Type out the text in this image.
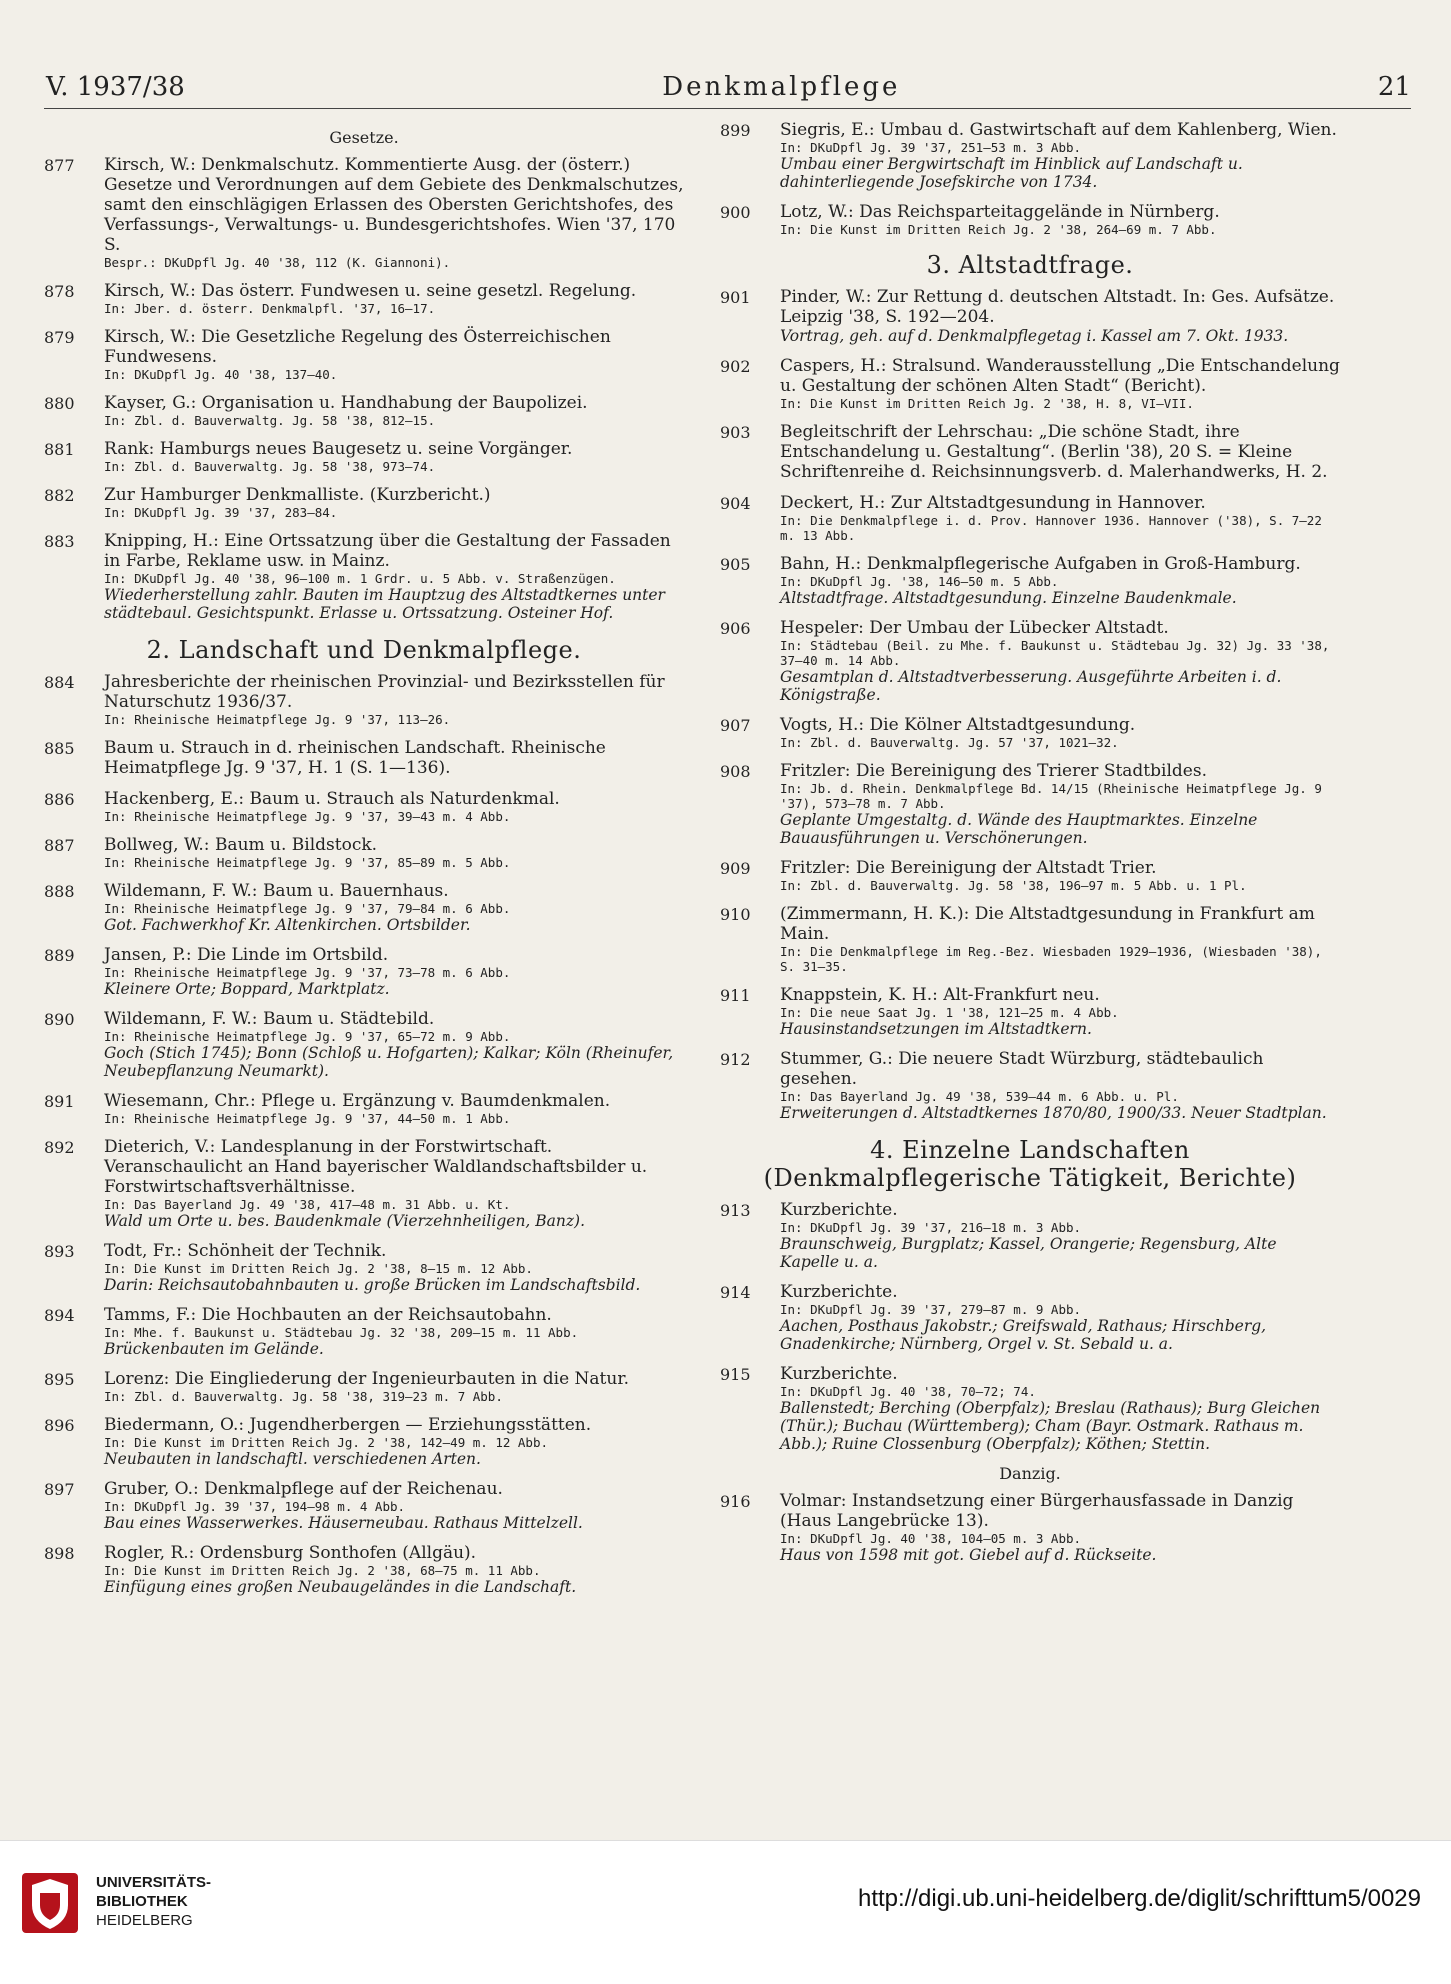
V. 1937/38	Denkmalpflege	21
Gesetze.
877	Kirsch, W.: Denkmalschutz. Kommentierte Ausg. der (österr.) Gesetze und Verordnungen auf dem Gebiete des Denkmalschutzes, samt den einschlägigen Erlassen des Obersten Gerichtshofes, des Verfassungs-, Verwaltungs- u. Bundesgerichtshofes. Wien '37, 170 S.
Bespr.: DKuDpfl Jg. 40 '38, 112 (K. Giannoni).
878	Kirsch, W.: Das österr. Fundwesen u. seine gesetzl. Regelung.
In: Jber. d. österr. Denkmalpfl. '37, 16—17.
879	Kirsch, W.: Die Gesetzliche Regelung des Österreichischen Fundwesens.
In: DKuDpfl Jg. 40 '38, 137—40.
880	Kayser, G.: Organisation u. Handhabung der Baupolizei.
In: Zbl. d. Bauverwaltg. Jg. 58 '38, 812—15.
881	Rank: Hamburgs neues Baugesetz u. seine Vorgänger.
In: Zbl. d. Bauverwaltg. Jg. 58 '38, 973—74.
882	Zur Hamburger Denkmalliste. (Kurzbericht.)
In: DKuDpfl Jg. 39 '37, 283—84.
883	Knipping, H.: Eine Ortssatzung über die Gestaltung der Fassaden in Farbe, Reklame usw. in Mainz.
In: DKuDpfl Jg. 40 '38, 96—100 m. 1 Grdr. u. 5 Abb. v. Straßenzügen.
Wiederherstellung zahlr. Bauten im Hauptzug des Altstadtkernes unter städtebaul. Gesichtspunkt. Erlasse u. Ortssatzung. Osteiner Hof.
2. Landschaft und Denkmalpflege.
884	Jahresberichte der rheinischen Provinzial- und Bezirksstellen für Naturschutz 1936/37.
In: Rheinische Heimatpflege Jg. 9 '37, 113—26.
885	Baum u. Strauch in d. rheinischen Landschaft. Rheinische Heimatpflege Jg. 9 '37, H. 1 (S. 1—136).
886	Hackenberg, E.: Baum u. Strauch als Naturdenkmal.
In: Rheinische Heimatpflege Jg. 9 '37, 39—43 m. 4 Abb.
887	Bollweg, W.: Baum u. Bildstock.
In: Rheinische Heimatpflege Jg. 9 '37, 85—89 m. 5 Abb.
888	Wildemann, F. W.: Baum u. Bauernhaus.
In: Rheinische Heimatpflege Jg. 9 '37, 79—84 m. 6 Abb.
Got. Fachwerkhof Kr. Altenkirchen. Ortsbilder.
889	Jansen, P.: Die Linde im Ortsbild.
In: Rheinische Heimatpflege Jg. 9 '37, 73—78 m. 6 Abb.
Kleinere Orte; Boppard, Marktplatz.
890	Wildemann, F. W.: Baum u. Städtebild.
In: Rheinische Heimatpflege Jg. 9 '37, 65—72 m. 9 Abb.
Goch (Stich 1745); Bonn (Schloß u. Hofgarten); Kalkar; Köln (Rheinufer, Neubepflanzung Neumarkt).
891	Wiesemann, Chr.: Pflege u. Ergänzung v. Baumdenkmalen.
In: Rheinische Heimatpflege Jg. 9 '37, 44—50 m. 1 Abb.
892	Dieterich, V.: Landesplanung in der Forstwirtschaft. Veranschaulicht an Hand bayerischer Waldlandschaftsbilder u. Forstwirtschaftsverhältnisse.
In: Das Bayerland Jg. 49 '38, 417—48 m. 31 Abb. u. Kt.
Wald um Orte u. bes. Baudenkmale (Vierzehnheiligen, Banz).
893	Todt, Fr.: Schönheit der Technik.
In: Die Kunst im Dritten Reich Jg. 2 '38, 8—15 m. 12 Abb.
Darin: Reichsautobahnbauten u. große Brücken im Landschaftsbild.
894	Tamms, F.: Die Hochbauten an der Reichsautobahn.
In: Mhe. f. Baukunst u. Städtebau Jg. 32 '38, 209—15 m. 11 Abb.
Brückenbauten im Gelände.
895	Lorenz: Die Eingliederung der Ingenieurbauten in die Natur.
In: Zbl. d. Bauverwaltg. Jg. 58 '38, 319—23 m. 7 Abb.
896	Biedermann, O.: Jugendherbergen — Erziehungsstätten.
In: Die Kunst im Dritten Reich Jg. 2 '38, 142—49 m. 12 Abb.
Neubauten in landschaftl. verschiedenen Arten.
897	Gruber, O.: Denkmalpflege auf der Reichenau.
In: DKuDpfl Jg. 39 '37, 194—98 m. 4 Abb.
Bau eines Wasserwerkes. Häuserneubau. Rathaus Mittelzell.
898	Rogler, R.: Ordensburg Sonthofen (Allgäu).
In: Die Kunst im Dritten Reich Jg. 2 '38, 68—75 m. 11 Abb.
Einfügung eines großen Neubaugeländes in die Landschaft.
899	Siegris, E.: Umbau d. Gastwirtschaft auf dem Kahlenberg, Wien.
In: DKuDpfl Jg. 39 '37, 251—53 m. 3 Abb.
Umbau einer Bergwirtschaft im Hinblick auf Landschaft u. dahinterliegende Josefskirche von 1734.
900	Lotz, W.: Das Reichsparteitaggelände in Nürnberg.
In: Die Kunst im Dritten Reich Jg. 2 '38, 264—69 m. 7 Abb.
3. Altstadtfrage.
901	Pinder, W.: Zur Rettung d. deutschen Altstadt. In: Ges. Aufsätze. Leipzig '38, S. 192—204.
Vortrag, geh. auf d. Denkmalpflegetag i. Kassel am 7. Okt. 1933.
902	Caspers, H.: Stralsund. Wanderausstellung „Die Entschandelung u. Gestaltung der schönen Alten Stadt“ (Bericht).
In: Die Kunst im Dritten Reich Jg. 2 '38, H. 8, VI—VII.
903	Begleitschrift der Lehrschau: „Die schöne Stadt, ihre Entschandelung u. Gestaltung“. (Berlin '38), 20 S. = Kleine Schriftenreihe d. Reichsinnungsverb. d. Malerhandwerks, H. 2.
904	Deckert, H.: Zur Altstadtgesundung in Hannover.
In: Die Denkmalpflege i. d. Prov. Hannover 1936. Hannover ('38), S. 7—22 m. 13 Abb.
905	Bahn, H.: Denkmalpflegerische Aufgaben in Groß-Hamburg.
In: DKuDpfl Jg. '38, 146—50 m. 5 Abb.
Altstadtfrage. Altstadtgesundung. Einzelne Baudenkmale.
906	Hespeler: Der Umbau der Lübecker Altstadt.
In: Städtebau (Beil. zu Mhe. f. Baukunst u. Städtebau Jg. 32) Jg. 33 '38, 37—40 m. 14 Abb.
Gesamtplan d. Altstadtverbesserung. Ausgeführte Arbeiten i. d. Königstraße.
907	Vogts, H.: Die Kölner Altstadtgesundung.
In: Zbl. d. Bauverwaltg. Jg. 57 '37, 1021—32.
908	Fritzler: Die Bereinigung des Trierer Stadtbildes.
In: Jb. d. Rhein. Denkmalpflege Bd. 14/15 (Rheinische Heimatpflege Jg. 9 '37), 573—78 m. 7 Abb.
Geplante Umgestaltg. d. Wände des Hauptmarktes. Einzelne Bauausführungen u. Verschönerungen.
909	Fritzler: Die Bereinigung der Altstadt Trier.
In: Zbl. d. Bauverwaltg. Jg. 58 '38, 196—97 m. 5 Abb. u. 1 Pl.
910	(Zimmermann, H. K.): Die Altstadtgesundung in Frankfurt am Main.
In: Die Denkmalpflege im Reg.-Bez. Wiesbaden 1929—1936, (Wiesbaden '38), S. 31—35.
911	Knappstein, K. H.: Alt-Frankfurt neu.
In: Die neue Saat Jg. 1 '38, 121—25 m. 4 Abb.
Hausinstandsetzungen im Altstadtkern.
912	Stummer, G.: Die neuere Stadt Würzburg, städtebaulich gesehen.
In: Das Bayerland Jg. 49 '38, 539—44 m. 6 Abb. u. Pl.
Erweiterungen d. Altstadtkernes 1870/80, 1900/33. Neuer Stadtplan.
4. Einzelne Landschaften
(Denkmalpflegerische Tätigkeit, Berichte)
913	Kurzberichte.
In: DKuDpfl Jg. 39 '37, 216—18 m. 3 Abb.
Braunschweig, Burgplatz; Kassel, Orangerie; Regensburg, Alte Kapelle u. a.
914	Kurzberichte.
In: DKuDpfl Jg. 39 '37, 279—87 m. 9 Abb.
Aachen, Posthaus Jakobstr.; Greifswald, Rathaus; Hirschberg, Gnadenkirche; Nürnberg, Orgel v. St. Sebald u. a.
915	Kurzberichte.
In: DKuDpfl Jg. 40 '38, 70—72; 74.
Ballenstedt; Berching (Oberpfalz); Breslau (Rathaus); Burg Gleichen (Thür.); Buchau (Württemberg); Cham (Bayr. Ostmark. Rathaus m. Abb.); Ruine Clossenburg (Oberpfalz); Köthen; Stettin.
Danzig.
916	Volmar: Instandsetzung einer Bürgerhausfassade in Danzig (Haus Langebrücke 13).
In: DKuDpfl Jg. 40 '38, 104—05 m. 3 Abb.
Haus von 1598 mit got. Giebel auf d. Rückseite.
UNIVERSITÄTS-
BIBLIOTHEK
HEIDELBERG
http://digi.ub.uni-heidelberg.de/diglit/schrifttum5/0029
